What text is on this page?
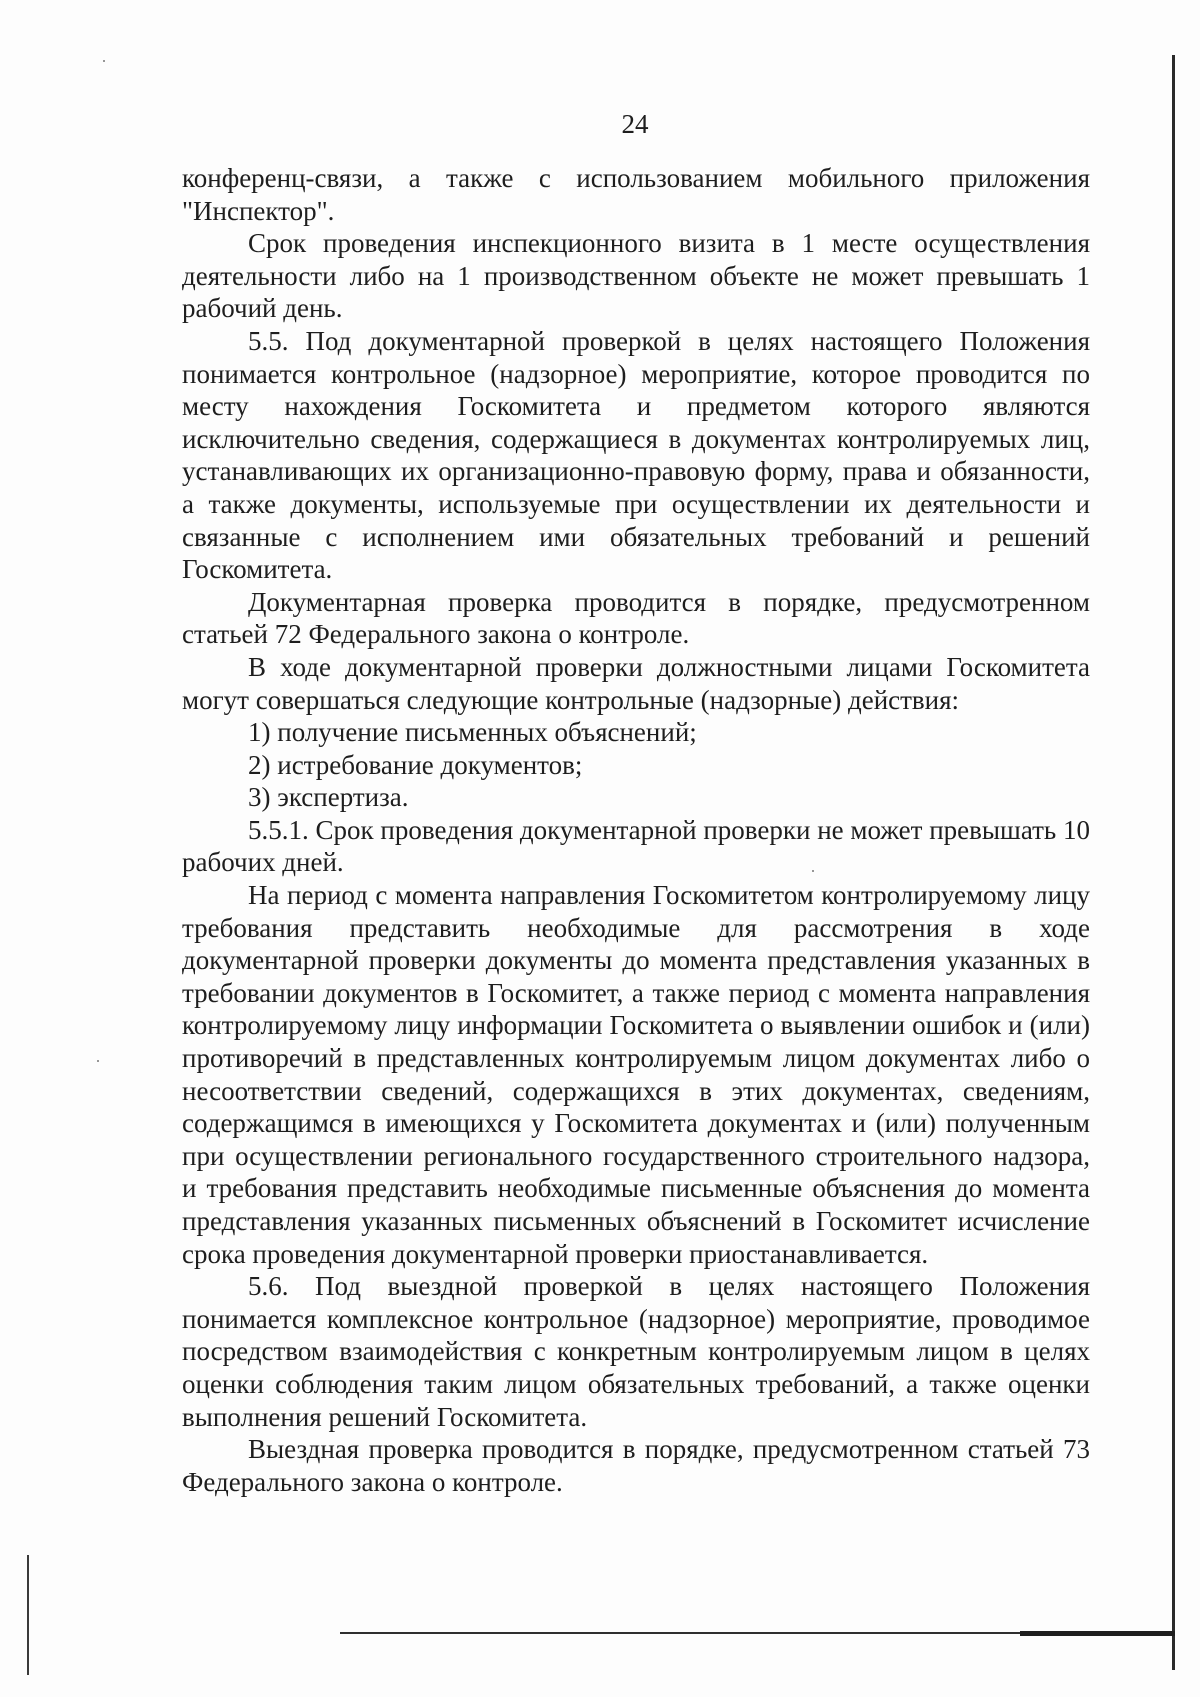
24

конференц-связи, а также с использованием мобильного приложения "Инспектор".

Срок проведения инспекционного визита в 1 месте осуществления деятельности либо на 1 производственном объекте не может превышать 1 рабочий день.

5.5. Под документарной проверкой в целях настоящего Положения понимается контрольное (надзорное) мероприятие, которое проводится по месту нахождения Госкомитета и предметом которого являются исключительно сведения, содержащиеся в документах контролируемых лиц, устанавливающих их организационно-правовую форму, права и обязанности, а также документы, используемые при осуществлении их деятельности и связанные с исполнением ими обязательных требований и решений Госкомитета.

Документарная проверка проводится в порядке, предусмотренном статьей 72 Федерального закона о контроле.

В ходе документарной проверки должностными лицами Госкомитета могут совершаться следующие контрольные (надзорные) действия:

1) получение письменных объяснений;

2) истребование документов;

3) экспертиза.

5.5.1. Срок проведения документарной проверки не может превышать 10 рабочих дней.

На период с момента направления Госкомитетом контролируемому лицу требования представить необходимые для рассмотрения в ходе документарной проверки документы до момента представления указанных в требовании документов в Госкомитет, а также период с момента направления контролируемому лицу информации Госкомитета о выявлении ошибок и (или) противоречий в представленных контролируемым лицом документах либо о несоответствии сведений, содержащихся в этих документах, сведениям, содержащимся в имеющихся у Госкомитета документах и (или) полученным при осуществлении регионального государственного строительного надзора, и требования представить необходимые письменные объяснения до момента представления указанных письменных объяснений в Госкомитет исчисление срока проведения документарной проверки приостанавливается.

5.6. Под выездной проверкой в целях настоящего Положения понимается комплексное контрольное (надзорное) мероприятие, проводимое посредством взаимодействия с конкретным контролируемым лицом в целях оценки соблюдения таким лицом обязательных требований, а также оценки выполнения решений Госкомитета.

Выездная проверка проводится в порядке, предусмотренном статьей 73 Федерального закона о контроле.
